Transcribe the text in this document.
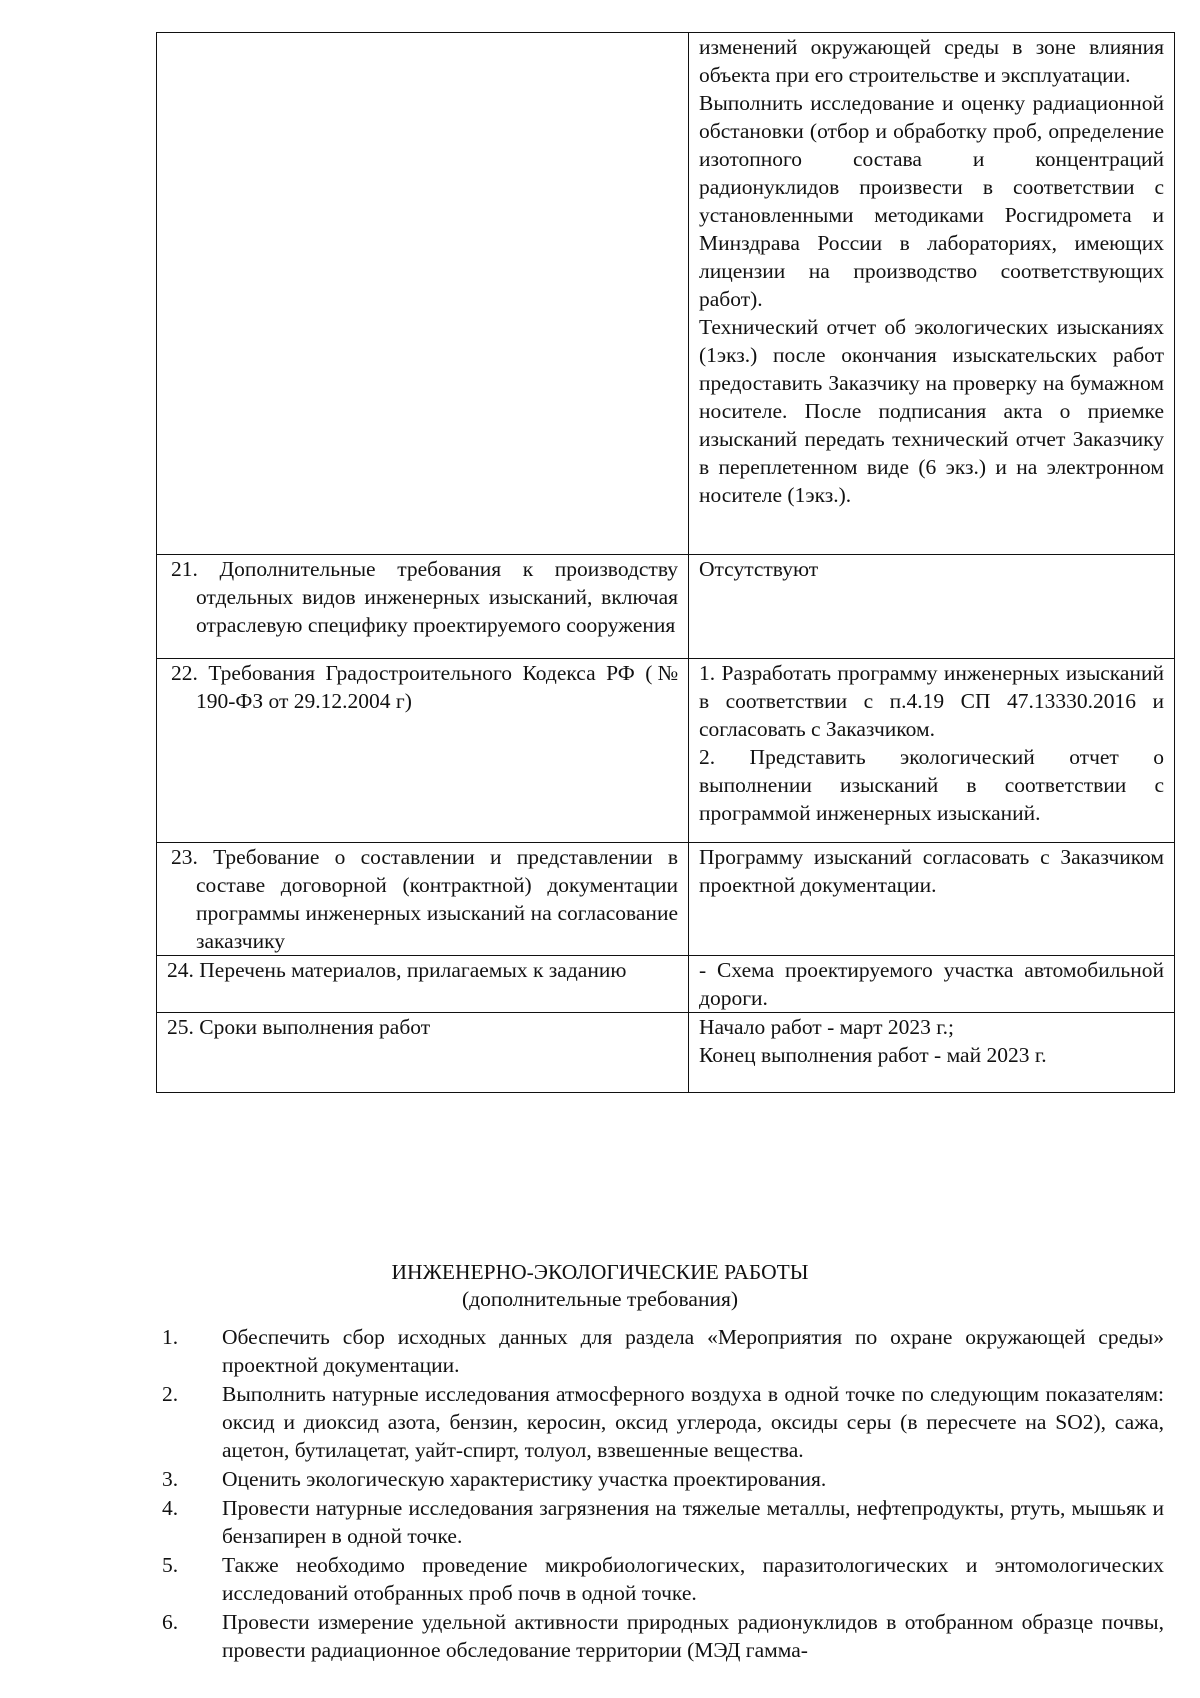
	изменений окружающей среды в зоне влияния объекта при его строительстве и эксплуатации.

Выполнить исследование и оценку радиационной обстановки (отбор и обработку проб, определение изотопного состава и концентраций радионуклидов произвести в соответствии с установленными методиками Росгидромета и Минздрава России в лабораториях, имеющих лицензии на производство соответствующих работ).

Технический отчет об экологических изысканиях (1экз.) после окончания изыскательских работ предоставить Заказчику на проверку на бумажном носителе. После подписания акта о приемке изысканий передать технический отчет Заказчику в переплетенном виде (6 экз.) и на электронном носителе (1экз.).

21. Дополнительные требования к производству отдельных видов инженерных изысканий, включая отраслевую специфику проектируемого сооружения	Отсутствуют

22. Требования Градостроительного Кодекса РФ (№ 190-ФЗ от 29.12.2004 г)	1. Разработать программу инженерных изысканий в соответствии с п.4.19 СП 47.13330.2016 и согласовать с Заказчиком.

2. Представить экологический отчет о выполнении изысканий в соответствии с программой инженерных изысканий.

23. Требование о составлении и представлении в составе договорной (контрактной) документации программы инженерных изысканий на согласование заказчику	Программу изысканий согласовать с Заказчиком проектной документации.

24. Перечень материалов, прилагаемых к заданию	- Схема проектируемого участка автомобильной дороги.

25. Сроки выполнения работ	Начало работ - март 2023 г.;

Конец выполнения работ - май 2023 г.

ИНЖЕНЕРНО-ЭКОЛОГИЧЕСКИЕ РАБОТЫ
(дополнительные требования)
1. Обеспечить сбор исходных данных для раздела «Мероприятия по охране окружающей среды» проектной документации.
2. Выполнить натурные исследования атмосферного воздуха в одной точке по следующим показателям: оксид и диоксид азота, бензин, керосин, оксид углерода, оксиды серы (в пересчете на SO2), сажа, ацетон, бутилацетат, уайт-спирт, толуол, взвешенные вещества.
3. Оценить экологическую характеристику участка проектирования.
4. Провести натурные исследования загрязнения на тяжелые металлы, нефтепродукты, ртуть, мышьяк и бензапирен в одной точке.
5. Также необходимо проведение микробиологических, паразитологических и энтомологических исследований отобранных проб почв в одной точке.
6. Провести измерение удельной активности природных радионуклидов в отобранном образце почвы, провести радиационное обследование территории (МЭД гамма-
